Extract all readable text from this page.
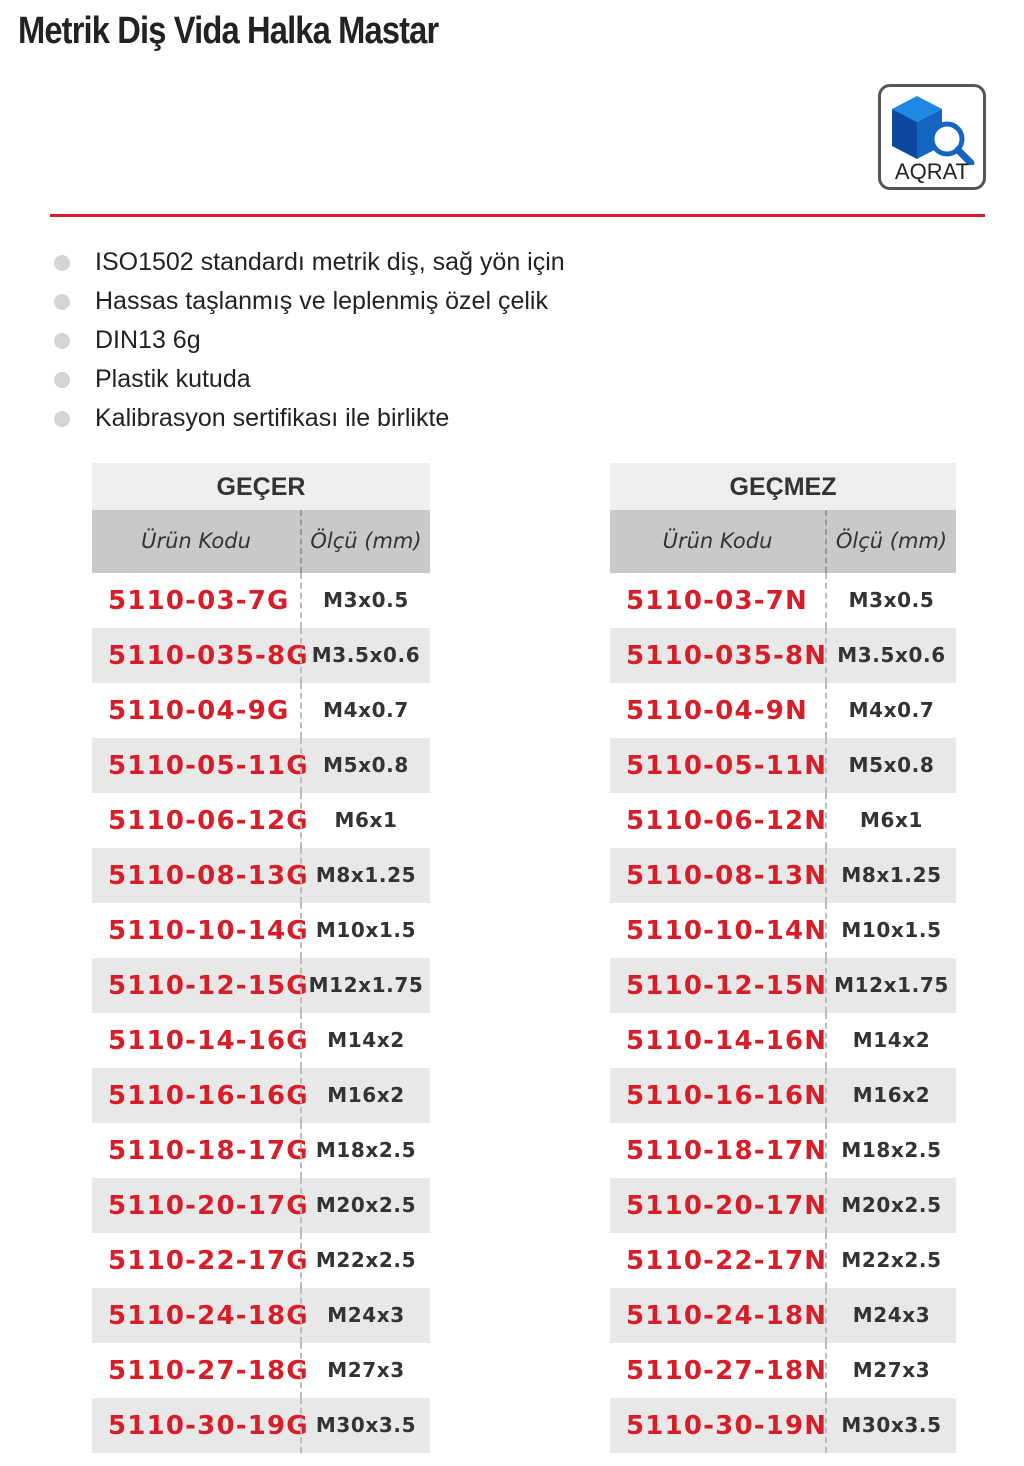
Metrik Diş Vida Halka Mastar
AQRAT
ISO1502 standardı metrik diş, sağ yön için
Hassas taşlanmış ve leplenmiş özel çelik
DIN13 6g
Plastik kutuda
Kalibrasyon sertifikası ile birlikte
GEÇER
Ürün Kodu	Ölçü (mm)
5110-03-7G	M3x0.5
5110-035-8G M3.5x0.6
5110-04-9G	M4x0.7
5110-05-11G M5x0.8
5110-06-12G	M6x1
5110-08-13G M8x1.25
5110-10-14G M10x1.5
5110-12-15G M12x1.75
5110-14-16G M14x2
5110-16-16G M16x2
5110-18-17G M18x2.5
5110-20-17G M20x2.5
5110-22-17G M22x2.5
5110-24-18G M24x3
5110-27-18G M27x3
5110-30-19G M30x3.5
GEÇMEZ
Ürün Kodu	Ölçü (mm)
5110-03-7N	M3x0.5
5110-035-8N M3.5x0.6
5110-04-9N	M4x0.7
5110-05-11N	M5x0.8
5110-06-12N	M6x1
5110-08-13N M8x1.25
5110-10-14N M10x1.5
5110-12-15N M12x1.75
5110-14-16N	M14x2
5110-16-16N	M16x2
5110-18-17N M18x2.5
5110-20-17N M20x2.5
5110-22-17N M22x2.5
5110-24-18N	M24x3
5110-27-18N	M27x3
5110-30-19N M30x3.5
